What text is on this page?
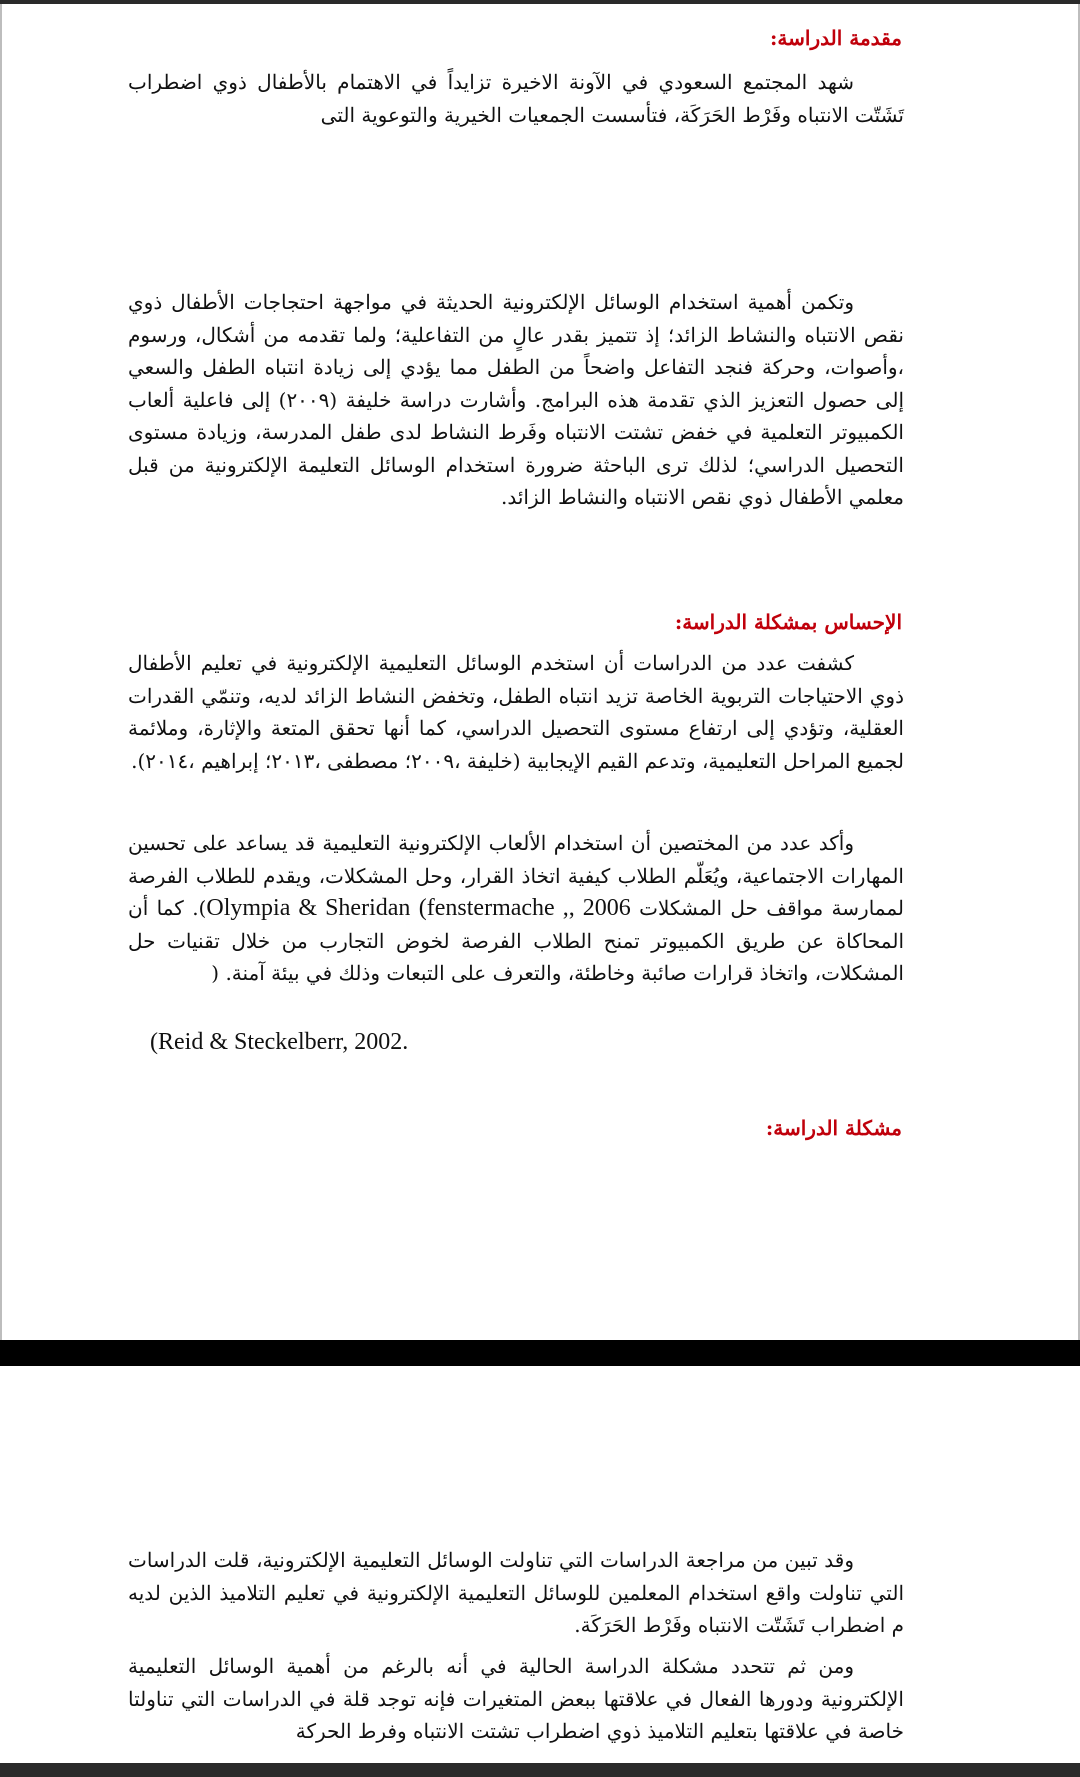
مقدمة الدراسة:

شهد المجتمع السعودي في الآونة الاخيرة تزايداً في الاهتمام بالأطفال ذوي اضطراب تَشَتّت الانتباه وفَرْط الحَرَكَة، فتأسست الجمعيات الخيرية والتوعوية التى

وتكمن أهمية استخدام الوسائل الإلكترونية الحديثة في مواجهة احتجاجات الأطفال ذوي نقص الانتباه والنشاط الزائد؛ إذ تتميز بقدر عالٍ من التفاعلية؛ ولما تقدمه من أشكال، ورسوم ،وأصوات، وحركة فنجد التفاعل واضحاً من الطفل مما يؤدي إلى زيادة انتباه الطفل والسعي إلى حصول التعزيز الذي تقدمة هذه البرامج. وأشارت دراسة خليفة (٢٠٠٩) إلى فاعلية ألعاب الكمبيوتر التعلمية في خفض تشتت الانتباه وفَرط النشاط لدى طفل المدرسة، وزيادة مستوى التحصيل الدراسي؛ لذلك ترى الباحثة ضرورة استخدام الوسائل التعليمة الإلكترونية من قبل معلمي الأطفال ذوي نقص الانتباه والنشاط الزائد.

الإحساس بمشكلة الدراسة:

كشفت عدد من الدراسات أن استخدم الوسائل التعليمية الإلكترونية في تعليم الأطفال ذوي الاحتياجات التربوية الخاصة تزيد انتباه الطفل، وتخفض النشاط الزائد لديه، وتنمّي القدرات العقلية، وتؤدي إلى ارتفاع مستوى التحصيل الدراسي، كما أنها تحقق المتعة والإثارة، وملائمة لجميع المراحل التعليمية، وتدعم القيم الإيجابية (خليفة ،٢٠٠٩؛ مصطفى ،٢٠١٣؛ إبراهيم ،٢٠١٤).

وأكد عدد من المختصين أن استخدام الألعاب الإلكترونية التعليمية قد يساعد على تحسين المهارات الاجتماعية، ويُعَلّم الطلاب كيفية اتخاذ القرار، وحل المشكلات، ويقدم للطلاب الفرصة لممارسة مواقف حل المشكلات (fenstermache ,, 2006 Olympia & Sheridan). كما أن المحاكاة عن طريق الكمبيوتر تمنح الطلاب الفرصة لخوض التجارب من خلال تقنيات حل المشكلات، واتخاذ قرارات صائبة وخاطئة، والتعرف على التبعات وذلك في بيئة آمنة. (

(Reid & Steckelberr, 2002.
مشكلة الدراسة:

وقد تبين من مراجعة الدراسات التي تناولت الوسائل التعليمية الإلكترونية، قلت الدراسات التي تناولت واقع استخدام المعلمين للوسائل التعليمية الإلكترونية في تعليم التلاميذ الذين لديه م اضطراب تَشَتّت الانتباه وفَرْط الحَرَكَة.

ومن ثم تتحدد مشكلة الدراسة الحالية في أنه بالرغم من أهمية الوسائل التعليمية الإلكترونية ودورها الفعال في علاقتها ببعض المتغيرات فإنه توجد قلة في الدراسات التي تناولتا خاصة في علاقتها بتعليم التلاميذ ذوي اضطراب تشتت الانتباه وفرط الحركة
